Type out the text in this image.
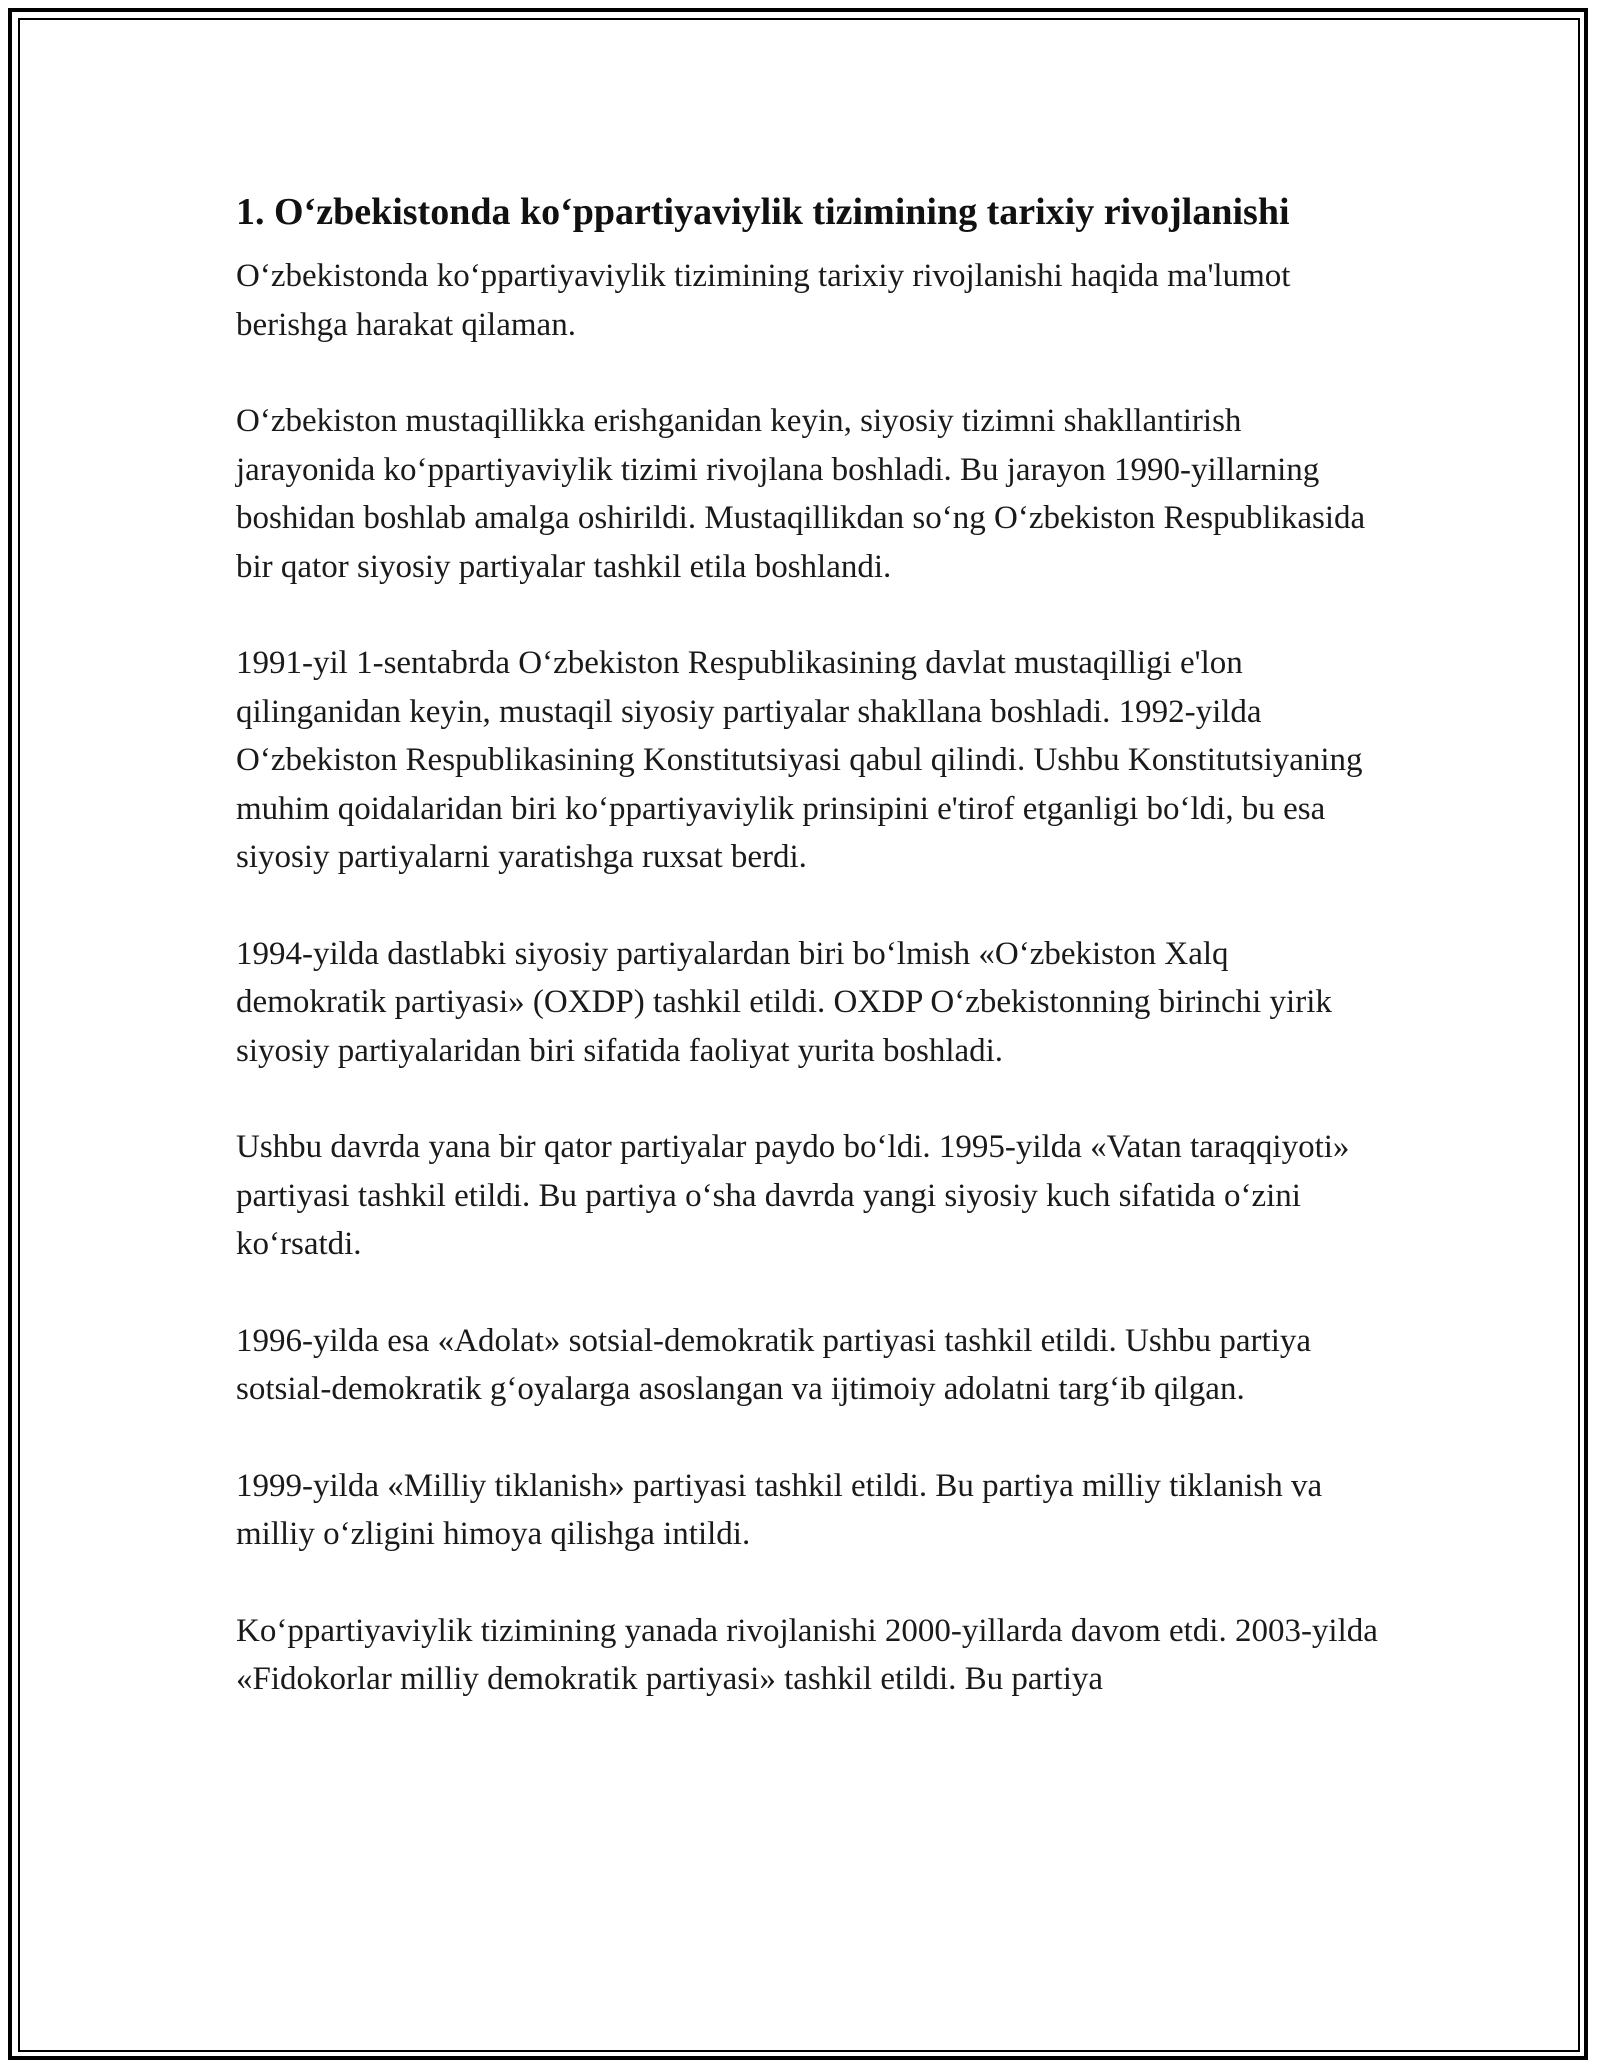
1. O‘zbekistonda ko‘ppartiyaviylik tizimining tarixiy rivojlanishi

O‘zbekistonda ko‘ppartiyaviylik tizimining tarixiy rivojlanishi haqida ma'lumot berishga harakat qilaman.

O‘zbekiston mustaqillikka erishganidan keyin, siyosiy tizimni shakllantirish jarayonida ko‘ppartiyaviylik tizimi rivojlana boshladi. Bu jarayon 1990-yillarning boshidan boshlab amalga oshirildi. Mustaqillikdan so‘ng O‘zbekiston Respublikasida bir qator siyosiy partiyalar tashkil etila boshlandi.

1991-yil 1-sentabrda O‘zbekiston Respublikasining davlat mustaqilligi e'lon qilinganidan keyin, mustaqil siyosiy partiyalar shakllana boshladi. 1992-yilda O‘zbekiston Respublikasining Konstitutsiyasi qabul qilindi. Ushbu Konstitutsiyaning muhim qoidalaridan biri ko‘ppartiyaviylik prinsipini e'tirof etganligi bo‘ldi, bu esa siyosiy partiyalarni yaratishga ruxsat berdi.

1994-yilda dastlabki siyosiy partiyalardan biri bo‘lmish «O‘zbekiston Xalq demokratik partiyasi» (OXDP) tashkil etildi. OXDP O‘zbekistonning birinchi yirik siyosiy partiyalaridan biri sifatida faoliyat yurita boshladi.

Ushbu davrda yana bir qator partiyalar paydo bo‘ldi. 1995-yilda «Vatan taraqqiyoti» partiyasi tashkil etildi. Bu partiya o‘sha davrda yangi siyosiy kuch sifatida o‘zini ko‘rsatdi.

1996-yilda esa «Adolat» sotsial-demokratik partiyasi tashkil etildi. Ushbu partiya sotsial-demokratik g‘oyalarga asoslangan va ijtimoiy adolatni targ‘ib qilgan.

1999-yilda «Milliy tiklanish» partiyasi tashkil etildi. Bu partiya milliy tiklanish va milliy o‘zligini himoya qilishga intildi.

Ko‘ppartiyaviylik tizimining yanada rivojlanishi 2000-yillarda davom etdi. 2003-yilda «Fidokorlar milliy demokratik partiyasi» tashkil etildi. Bu partiya
